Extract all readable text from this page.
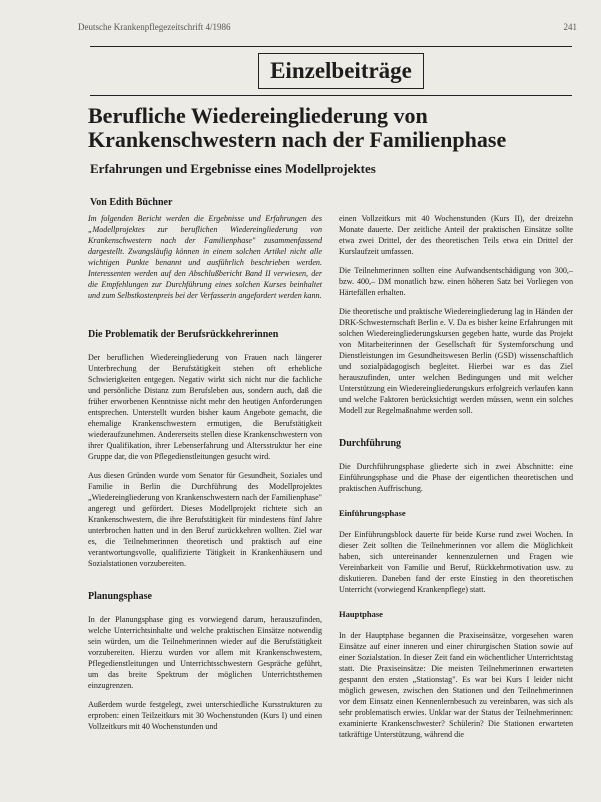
Deutsche Krankenpflegezeitschrift 4/1986	241
Einzelbeiträge
Berufliche Wiedereingliederung von Krankenschwestern nach der Familienphase
Erfahrungen und Ergebnisse eines Modellprojektes
Von Edith Büchner

Im folgenden Bericht werden die Ergebnisse und Erfahrungen des „Modellprojektes zur beruflichen Wiedereingliederung von Krankenschwestern nach der Familienphase" zusammenfassend dargestellt. Zwangsläufig können in einem solchen Artikel nicht alle wichtigen Punkte benannt und ausführlich beschrieben werden. Interessenten werden auf den Abschlußbericht Band II verwiesen, der die Empfehlungen zur Durchführung eines solchen Kurses beinhaltet und zum Selbstkostenpreis bei der Verfasserin angefordert werden kann.

Die Problematik der Berufsrückkehrerinnen

Der beruflichen Wiedereingliederung von Frauen nach längerer Unterbrechung der Berufstätigkeit stehen oft erhebliche Schwierigkeiten entgegen. Negativ wirkt sich nicht nur die fachliche und persönliche Distanz zum Berufsleben aus, sondern auch, daß die früher erworbenen Kenntnisse nicht mehr den heutigen Anforderungen entsprechen. Unterstellt wurden bisher kaum Angebote gemacht, die ehemalige Krankenschwestern ermutigen, die Berufstätigkeit wiederaufzunehmen. Andererseits stellen diese Krankenschwestern von ihrer Qualifikation, ihrer Lebenserfahrung und Altersstruktur her eine Gruppe dar, die von Pflegedienstleitungen gesucht wird.

Aus diesen Gründen wurde vom Senator für Gesundheit, Soziales und Familie in Berlin die Durchführung des Modellprojektes „Wiedereingliederung von Krankenschwestern nach der Familienphase" angeregt und gefördert. Dieses Modellprojekt richtete sich an Krankenschwestern, die ihre Berufstätigkeit für mindestens fünf Jahre unterbrochen hatten und in den Beruf zurückkehren wollten. Ziel war es, die Teilnehmerinnen theoretisch und praktisch auf eine verantwortungsvolle, qualifizierte Tätigkeit in Krankenhäusern und Sozialstationen vorzubereiten.

Planungsphase

In der Planungsphase ging es vorwiegend darum, herauszufinden, welche Unterrichtsinhalte und welche praktischen Einsätze notwendig sein würden, um die Teilnehmerinnen wieder auf die Berufstätigkeit vorzubereiten. Hierzu wurden vor allem mit Krankenschwestern, Pflegedienstleitungen und Unterrichtsschwestern Gespräche geführt, um das breite Spektrum der möglichen Unterrichtsthemen einzugrenzen.

Außerdem wurde festgelegt, zwei unterschiedliche Kursstrukturen zu erproben: einen Teilzeitkurs mit 30 Wochenstunden (Kurs I) und einen Vollzeitkurs mit 40 Wochenstunden und

einen Vollzeitkurs mit 40 Wochenstunden (Kurs II), der dreizehn Monate dauerte. Der zeitliche Anteil der praktischen Einsätze sollte etwa zwei Drittel, der des theoretischen Teils etwa ein Drittel der Kurslaufzeit umfassen.

Die Teilnehmerinnen sollten eine Aufwandsentschädigung von 300,– bzw. 400,– DM monatlich bzw. einen höheren Satz bei Vorliegen von Härtefällen erhalten.

Die theoretische und praktische Wiedereingliederung lag in Händen der DRK-Schwesternschaft Berlin e. V. Da es bisher keine Erfahrungen mit solchen Wiedereingliederungskursen gegeben hatte, wurde das Projekt von Mitarbeiterinnen der Gesellschaft für Systemforschung und Dienstleistungen im Gesundheitswesen Berlin (GSD) wissenschaftlich und sozialpädagogisch begleitet. Hierbei war es das Ziel herauszufinden, unter welchen Bedingungen und mit welcher Unterstützung ein Wiedereingliederungskurs erfolgreich verlaufen kann und welche Faktoren berücksichtigt werden müssen, wenn ein solches Modell zur Regelmaßnahme werden soll.

Durchführung

Die Durchführungsphase gliederte sich in zwei Abschnitte: eine Einführungsphase und die Phase der eigentlichen theoretischen und praktischen Auffrischung.

Einführungsphase

Der Einführungsblock dauerte für beide Kurse rund zwei Wochen. In dieser Zeit sollten die Teilnehmerinnen vor allem die Möglichkeit haben, sich untereinander kennenzulernen und Fragen wie Vereinbarkeit von Familie und Beruf, Rückkehrmotivation usw. zu diskutieren. Daneben fand der erste Einstieg in den theoretischen Unterricht (vorwiegend Krankenpflege) statt.

Hauptphase

In der Hauptphase begannen die Praxiseinsätze, vorgesehen waren Einsätze auf einer inneren und einer chirurgischen Station sowie auf einer Sozialstation. In dieser Zeit fand ein wöchentlicher Unterrichtstag statt. Die Praxiseinsätze: Die meisten Teilnehmerinnen erwarteten gespannt den ersten „Stationstag". Es war bei Kurs I leider nicht möglich gewesen, zwischen den Stationen und den Teilnehmerinnen vor dem Einsatz einen Kennenlernbesuch zu vereinbaren, was sich als sehr problematisch erwies. Unklar war der Status der Teilnehmerinnen: examinierte Krankenschwester? Schülerin? Die Stationen erwarteten tatkräftige Unterstützung, während die
